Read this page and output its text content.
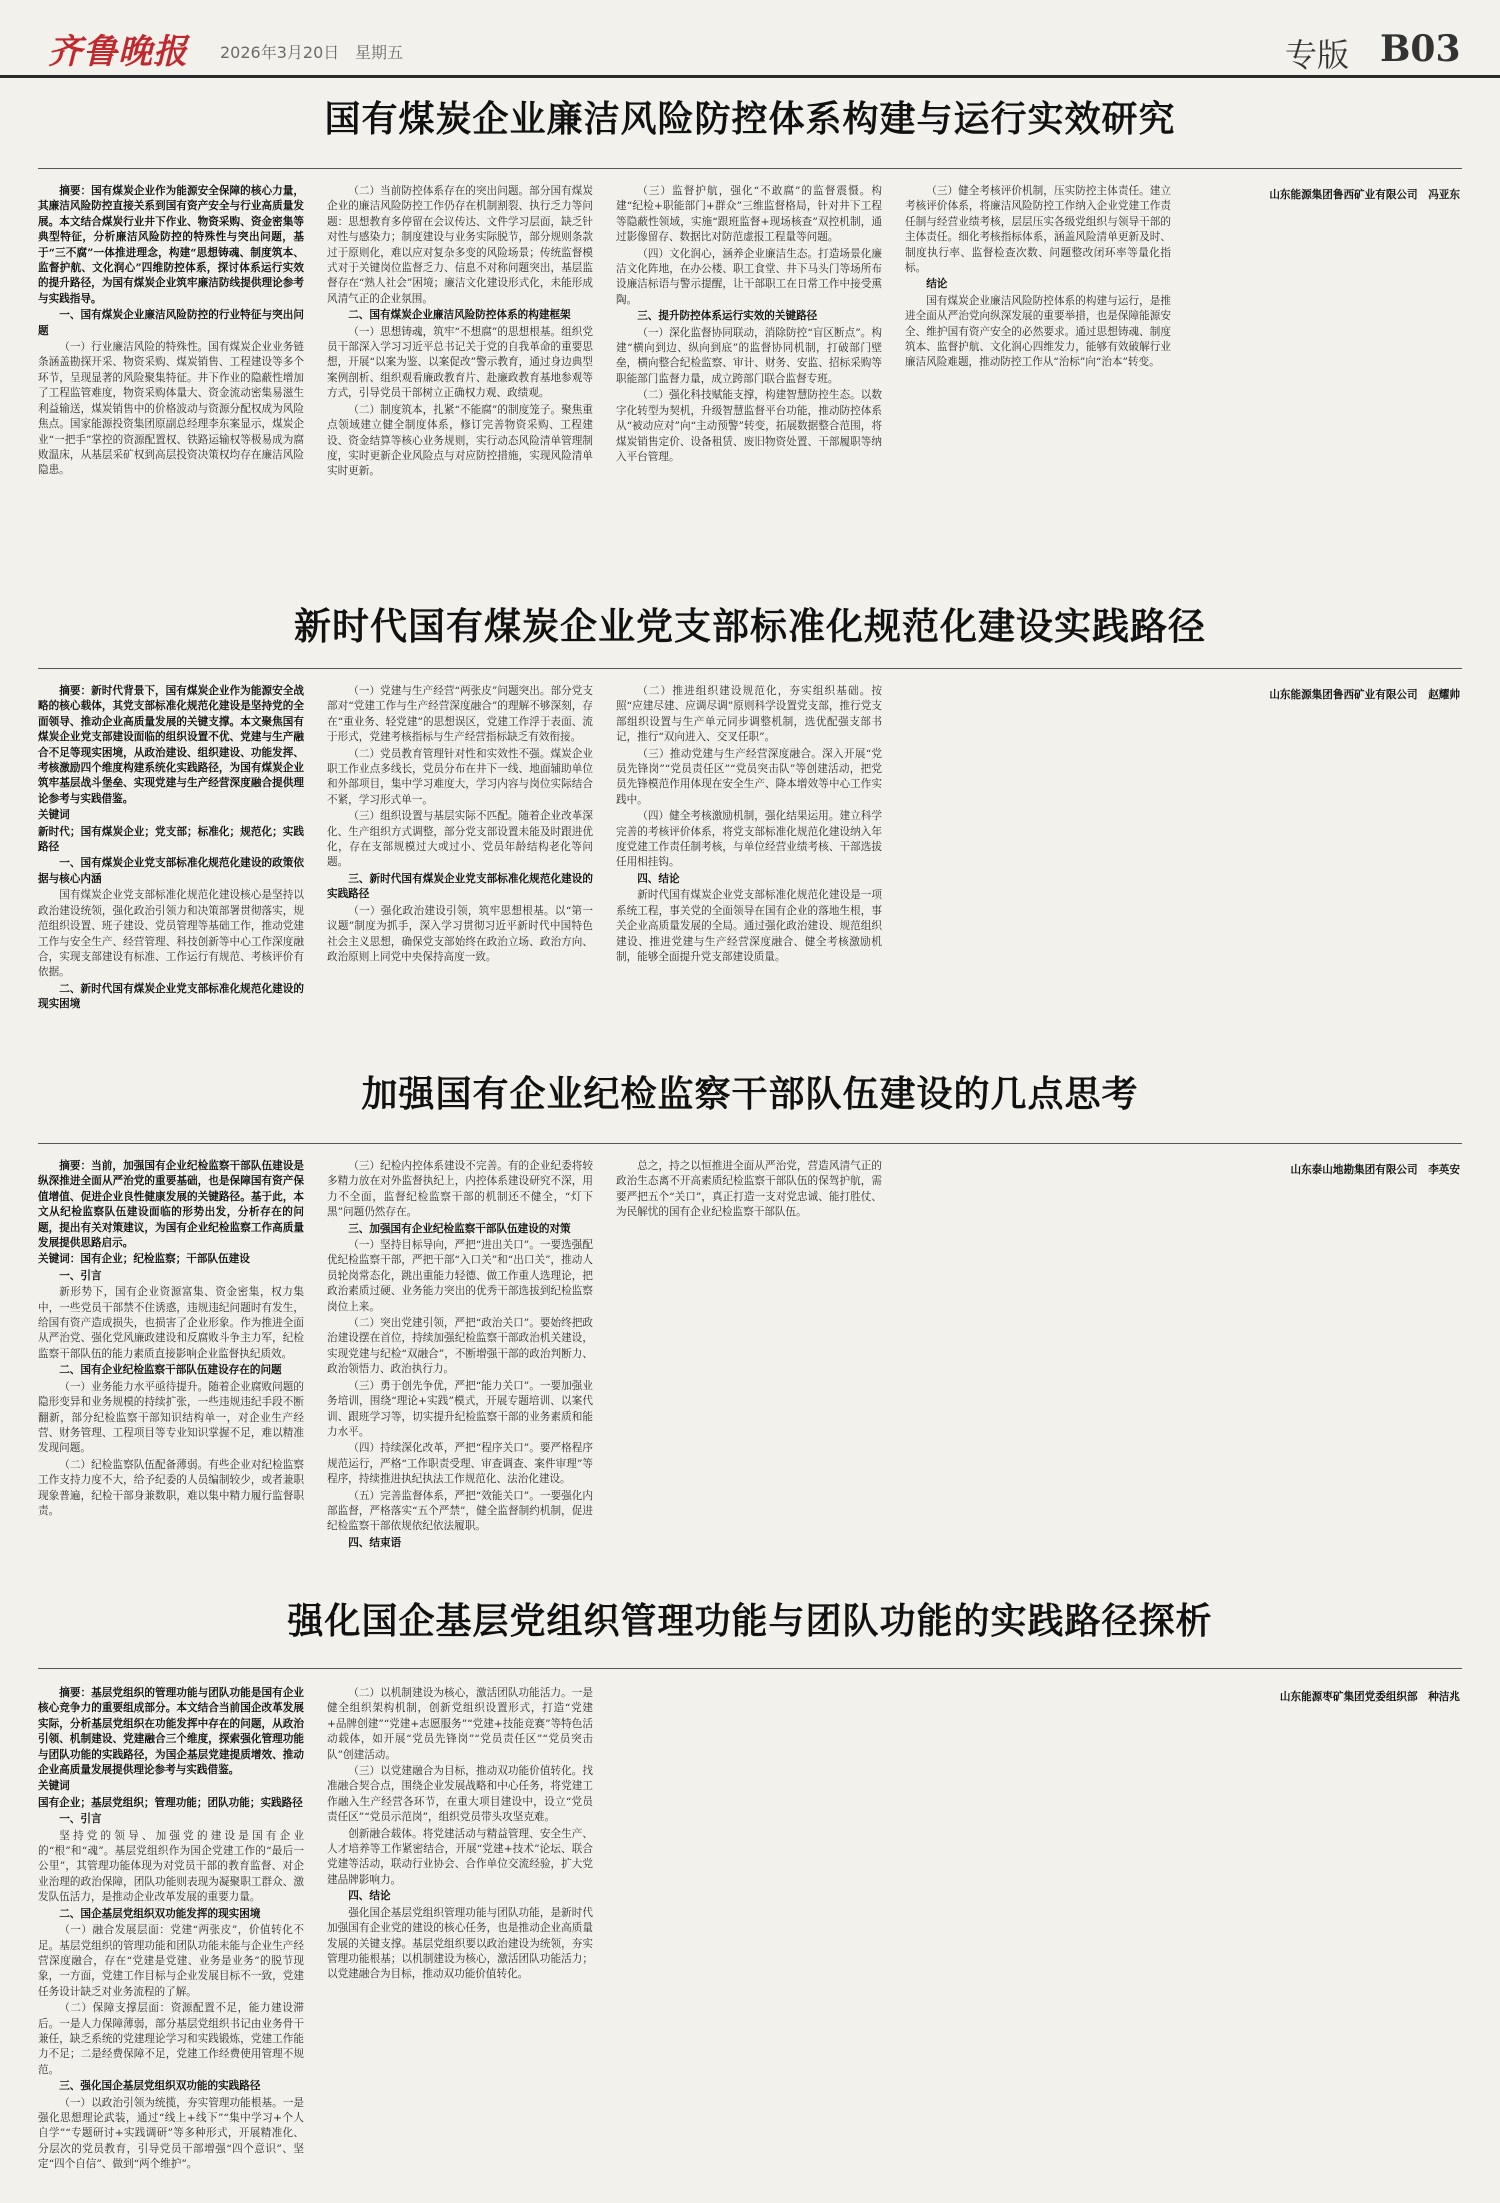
齐鲁晚报 2026年3月20日 星期五	专版 B03
国有煤炭企业廉洁风险防控体系构建与运行实效研究

摘要：国有煤炭企业作为能源安全保障的核心力量，其廉洁风险防控直接关系到国有资产安全与行业高质量发展。本文结合煤炭行业井下作业、物资采购、资金密集等典型特征，分析廉洁风险防控的特殊性与突出问题，基于“三不腐”一体推进理念，构建“思想铸魂、制度筑本、监督护航、文化润心”四维防控体系，探讨体系运行实效的提升路径，为国有煤炭企业筑牢廉洁防线提供理论参考与实践指导。

一、国有煤炭企业廉洁风险防控的行业特征与突出问题

（一）行业廉洁风险的特殊性。国有煤炭企业业务链条涵盖勘探开采、物资采购、煤炭销售、工程建设等多个环节，呈现显著的风险聚集特征。井下作业的隐蔽性增加了工程监管难度，物资采购体量大、资金流动密集易滋生利益输送，煤炭销售中的价格波动与资源分配权成为风险焦点。国家能源投资集团原副总经理李东案显示，煤炭企业“一把手”掌控的资源配置权、铁路运输权等极易成为腐败温床，从基层采矿权到高层投资决策权均存在廉洁风险隐患。

（二）当前防控体系存在的突出问题。部分国有煤炭企业的廉洁风险防控工作仍存在机制割裂、执行乏力等问题：思想教育多停留在会议传达、文件学习层面，缺乏针对性与感染力；制度建设与业务实际脱节，部分规则条款过于原则化，难以应对复杂多变的风险场景；传统监督模式对于关键岗位监督乏力、信息不对称问题突出，基层监督存在“熟人社会”困境；廉洁文化建设形式化，未能形成风清气正的企业氛围。

二、国有煤炭企业廉洁风险防控体系的构建框架

（一）思想铸魂，筑牢“不想腐”的思想根基。组织党员干部深入学习习近平总书记关于党的自我革命的重要思想，开展“以案为鉴、以案促改”警示教育，通过身边典型案例剖析、组织观看廉政教育片、赴廉政教育基地参观等方式，引导党员干部树立正确权力观、政绩观。

（二）制度筑本，扎紧“不能腐”的制度笼子。聚焦重点领域建立健全制度体系，修订完善物资采购、工程建设、资金结算等核心业务规则，实行动态风险清单管理制度，实时更新企业风险点与对应防控措施，实现风险清单实时更新。

（三）监督护航，强化“不敢腐”的监督震慑。构建“纪检+职能部门+群众”三维监督格局，针对井下工程等隐蔽性领域，实施“跟班监督+现场核查”双控机制，通过影像留存、数据比对防范虚报工程量等问题。

（四）文化润心，涵养企业廉洁生态。打造场景化廉洁文化阵地，在办公楼、职工食堂、井下马头门等场所布设廉洁标语与警示提醒，让干部职工在日常工作中接受熏陶。

三、提升防控体系运行实效的关键路径

（一）深化监督协同联动，消除防控“盲区断点”。构建“横向到边、纵向到底”的监督协同机制，打破部门壁垒，横向整合纪检监察、审计、财务、安监、招标采购等职能部门监督力量，成立跨部门联合监督专班。

（二）强化科技赋能支撑，构建智慧防控生态。以数字化转型为契机，升级智慧监督平台功能，推动防控体系从“被动应对”向“主动预警”转变，拓展数据整合范围，将煤炭销售定价、设备租赁、废旧物资处置、干部履职等纳入平台管理。

（三）健全考核评价机制，压实防控主体责任。建立考核评价体系，将廉洁风险防控工作纳入企业党建工作责任制与经营业绩考核，层层压实各级党组织与领导干部的主体责任。细化考核指标体系，涵盖风险清单更新及时、制度执行率、监督检查次数、问题整改闭环率等量化指标。

结论

国有煤炭企业廉洁风险防控体系的构建与运行，是推进全面从严治党向纵深发展的重要举措，也是保障能源安全、维护国有资产安全的必然要求。通过思想铸魂、制度筑本、监督护航、文化润心四维发力，能够有效破解行业廉洁风险难题，推动防控工作从“治标”向“治本”转变。

山东能源集团鲁西矿业有限公司　冯亚东

新时代国有煤炭企业党支部标准化规范化建设实践路径

摘要：新时代背景下，国有煤炭企业作为能源安全战略的核心载体，其党支部标准化规范化建设是坚持党的全面领导、推动企业高质量发展的关键支撑。本文聚焦国有煤炭企业党支部建设面临的组织设置不优、党建与生产融合不足等现实困境，从政治建设、组织建设、功能发挥、考核激励四个维度构建系统化实践路径，为国有煤炭企业筑牢基层战斗堡垒、实现党建与生产经营深度融合提供理论参考与实践借鉴。

关键词

新时代；国有煤炭企业；党支部；标准化；规范化；实践路径

一、国有煤炭企业党支部标准化规范化建设的政策依据与核心内涵

国有煤炭企业党支部标准化规范化建设核心是坚持以政治建设统领，强化政治引领力和决策部署贯彻落实，规范组织设置、班子建设、党员管理等基础工作，推动党建工作与安全生产、经营管理、科技创新等中心工作深度融合，实现支部建设有标准、工作运行有规范、考核评价有依据。

二、新时代国有煤炭企业党支部标准化规范化建设的现实困境

（一）党建与生产经营“两张皮”问题突出。部分党支部对“党建工作与生产经营深度融合”的理解不够深刻，存在“重业务、轻党建”的思想误区，党建工作浮于表面、流于形式，党建考核指标与生产经营指标缺乏有效衔接。

（二）党员教育管理针对性和实效性不强。煤炭企业职工作业点多线长，党员分布在井下一线、地面辅助单位和外部项目，集中学习难度大，学习内容与岗位实际结合不紧，学习形式单一。

（三）组织设置与基层实际不匹配。随着企业改革深化、生产组织方式调整，部分党支部设置未能及时跟进优化，存在支部规模过大或过小、党员年龄结构老化等问题。

三、新时代国有煤炭企业党支部标准化规范化建设的实践路径

（一）强化政治建设引领，筑牢思想根基。以“第一议题”制度为抓手，深入学习贯彻习近平新时代中国特色社会主义思想，确保党支部始终在政治立场、政治方向、政治原则上同党中央保持高度一致。

（二）推进组织建设规范化，夯实组织基础。按照“应建尽建、应调尽调”原则科学设置党支部，推行党支部组织设置与生产单元同步调整机制，选优配强支部书记，推行“双向进入、交叉任职”。

（三）推动党建与生产经营深度融合。深入开展“党员先锋岗”“党员责任区”“党员突击队”等创建活动，把党员先锋模范作用体现在安全生产、降本增效等中心工作实践中。

（四）健全考核激励机制，强化结果运用。建立科学完善的考核评价体系，将党支部标准化规范化建设纳入年度党建工作责任制考核，与单位经营业绩考核、干部选拔任用相挂钩。

四、结论

新时代国有煤炭企业党支部标准化规范化建设是一项系统工程，事关党的全面领导在国有企业的落地生根，事关企业高质量发展的全局。通过强化政治建设、规范组织建设、推进党建与生产经营深度融合、健全考核激励机制，能够全面提升党支部建设质量。

山东能源集团鲁西矿业有限公司　赵耀帅

加强国有企业纪检监察干部队伍建设的几点思考

摘要：当前，加强国有企业纪检监察干部队伍建设是纵深推进全面从严治党的重要基础，也是保障国有资产保值增值、促进企业良性健康发展的关键路径。基于此，本文从纪检监察队伍建设面临的形势出发，分析存在的问题，提出有关对策建议，为国有企业纪检监察工作高质量发展提供思路启示。

关键词：国有企业；纪检监察；干部队伍建设

一、引言

新形势下，国有企业资源富集、资金密集，权力集中，一些党员干部禁不住诱惑，违规违纪问题时有发生，给国有资产造成损失，也损害了企业形象。作为推进全面从严治党、强化党风廉政建设和反腐败斗争主力军，纪检监察干部队伍的能力素质直接影响企业监督执纪质效。

二、国有企业纪检监察干部队伍建设存在的问题

（一）业务能力水平亟待提升。随着企业腐败问题的隐形变异和业务规模的持续扩张，一些违规违纪手段不断翻新，部分纪检监察干部知识结构单一，对企业生产经营、财务管理、工程项目等专业知识掌握不足，难以精准发现问题。

（二）纪检监察队伍配备薄弱。有些企业对纪检监察工作支持力度不大，给予纪委的人员编制较少，或者兼职现象普遍，纪检干部身兼数职，难以集中精力履行监督职责。

（三）纪检内控体系建设不完善。有的企业纪委将较多精力放在对外监督执纪上，内控体系建设研究不深，用力不全面，监督纪检监察干部的机制还不健全，“灯下黑”问题仍然存在。

三、加强国有企业纪检监察干部队伍建设的对策

（一）坚持目标导向，严把“进出关口”。一要选强配优纪检监察干部，严把干部“入口关”和“出口关”，推动人员轮岗常态化，跳出重能力轻德、做工作重人选理论，把政治素质过硬、业务能力突出的优秀干部选拔到纪检监察岗位上来。

（二）突出党建引领，严把“政治关口”。要始终把政治建设摆在首位，持续加强纪检监察干部政治机关建设，实现党建与纪检“双融合”，不断增强干部的政治判断力、政治领悟力、政治执行力。

（三）勇于创先争优，严把“能力关口”。一要加强业务培训，围绕“理论+实践”模式，开展专题培训、以案代训、跟班学习等，切实提升纪检监察干部的业务素质和能力水平。

（四）持续深化改革，严把“程序关口”。要严格程序规范运行，严格“工作职责受理、审查调查、案件审理”等程序，持续推进执纪执法工作规范化、法治化建设。

（五）完善监督体系，严把“效能关口”。一要强化内部监督，严格落实“五个严禁”，健全监督制约机制，促进纪检监察干部依规依纪依法履职。

四、结束语

总之，持之以恒推进全面从严治党，营造风清气正的政治生态离不开高素质纪检监察干部队伍的保驾护航，需要严把五个“关口”，真正打造一支对党忠诚、能打胜仗、为民解忧的国有企业纪检监察干部队伍。

山东泰山地勘集团有限公司　李英安

强化国企基层党组织管理功能与团队功能的实践路径探析

摘要：基层党组织的管理功能与团队功能是国有企业核心竞争力的重要组成部分。本文结合当前国企改革发展实际，分析基层党组织在功能发挥中存在的问题，从政治引领、机制建设、党建融合三个维度，探索强化管理功能与团队功能的实践路径，为国企基层党建提质增效、推动企业高质量发展提供理论参考与实践借鉴。

关键词

国有企业；基层党组织；管理功能；团队功能；实践路径

一、引言

坚持党的领导、加强党的建设是国有企业的“根”和“魂”。基层党组织作为国企党建工作的“最后一公里”，其管理功能体现为对党员干部的教育监督、对企业治理的政治保障，团队功能则表现为凝聚职工群众、激发队伍活力，是推动企业改革发展的重要力量。

二、国企基层党组织双功能发挥的现实困境

（一）融合发展层面：党建“两张皮”，价值转化不足。基层党组织的管理功能和团队功能未能与企业生产经营深度融合，存在“党建是党建、业务是业务”的脱节现象，一方面，党建工作目标与企业发展目标不一致，党建任务设计缺乏对业务流程的了解。

（二）保障支撑层面：资源配置不足，能力建设滞后。一是人力保障薄弱，部分基层党组织书记由业务骨干兼任，缺乏系统的党建理论学习和实践锻炼，党建工作能力不足；二是经费保障不足，党建工作经费使用管理不规范。

三、强化国企基层党组织双功能的实践路径

（一）以政治引领为统揽，夯实管理功能根基。一是强化思想理论武装，通过“线上+线下”“集中学习+个人自学”“专题研讨+实践调研”等多种形式，开展精准化、分层次的党员教育，引导党员干部增强“四个意识”、坚定“四个自信”、做到“两个维护”。

（二）以机制建设为核心，激活团队功能活力。一是健全组织架构机制，创新党组织设置形式，打造“党建+品牌创建”“党建+志愿服务”“党建+技能竞赛”等特色活动载体，如开展“党员先锋岗”“党员责任区”“党员突击队”创建活动。

（三）以党建融合为目标，推动双功能价值转化。找准融合契合点，围绕企业发展战略和中心任务，将党建工作融入生产经营各环节，在重大项目建设中，设立“党员责任区”“党员示范岗”，组织党员带头攻坚克难。

创新融合载体。将党建活动与精益管理、安全生产、人才培养等工作紧密结合，开展“党建+技术”论坛、联合党建等活动，联动行业协会、合作单位交流经验，扩大党建品牌影响力。

四、结论

强化国企基层党组织管理功能与团队功能，是新时代加强国有企业党的建设的核心任务，也是推动企业高质量发展的关键支撑。基层党组织要以政治建设为统领，夯实管理功能根基；以机制建设为核心，激活团队功能活力；以党建融合为目标，推动双功能价值转化。

山东能源枣矿集团党委组织部　种洁兆
